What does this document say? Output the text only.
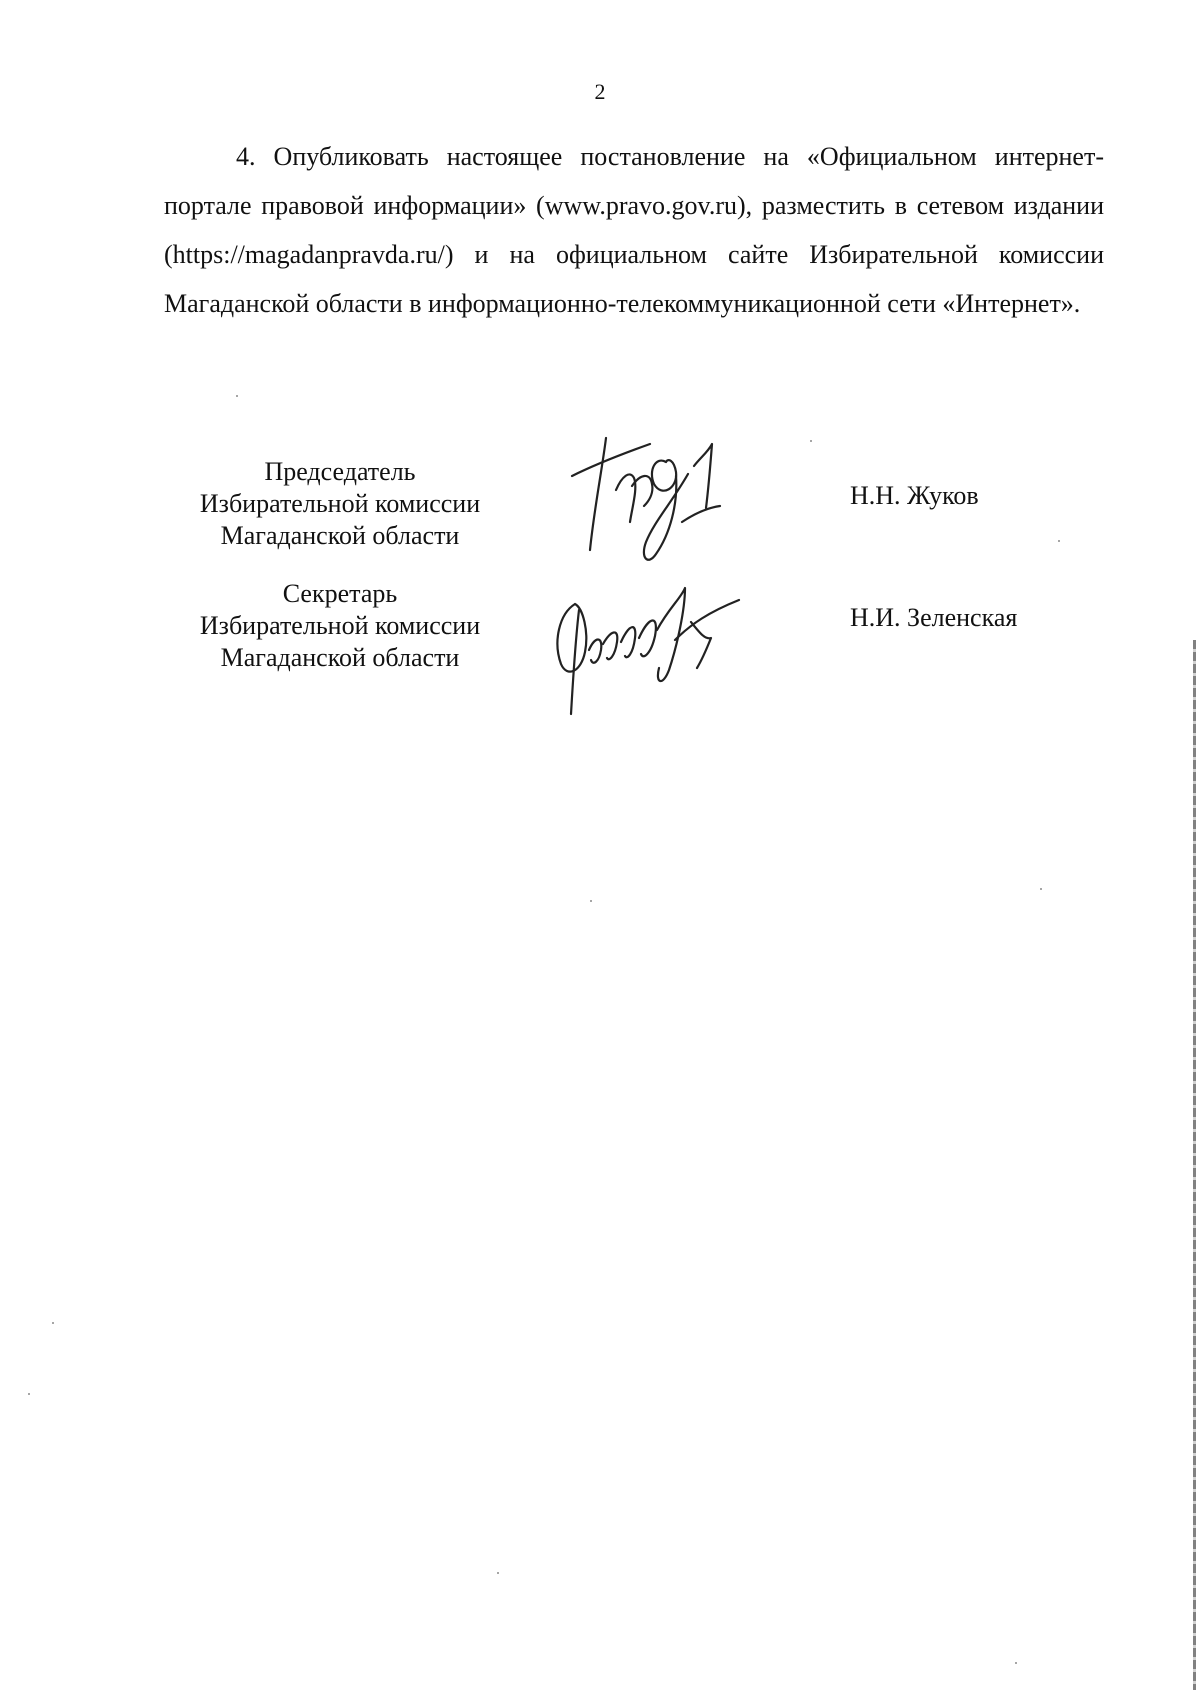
2

4. Опубликовать настоящее постановление на «Официальном интернет-портале правовой информации» (www.pravo.gov.ru), разместить в сетевом издании (https://magadanpravda.ru/) и на официальном сайте Избирательной комиссии Магаданской области в информационно-телекоммуникационной сети «Интернет».

Председатель
Избирательной комиссии
Магаданской области
Н.Н. Жуков
Секретарь
Избирательной комиссии
Магаданской области
Н.И. Зеленская
